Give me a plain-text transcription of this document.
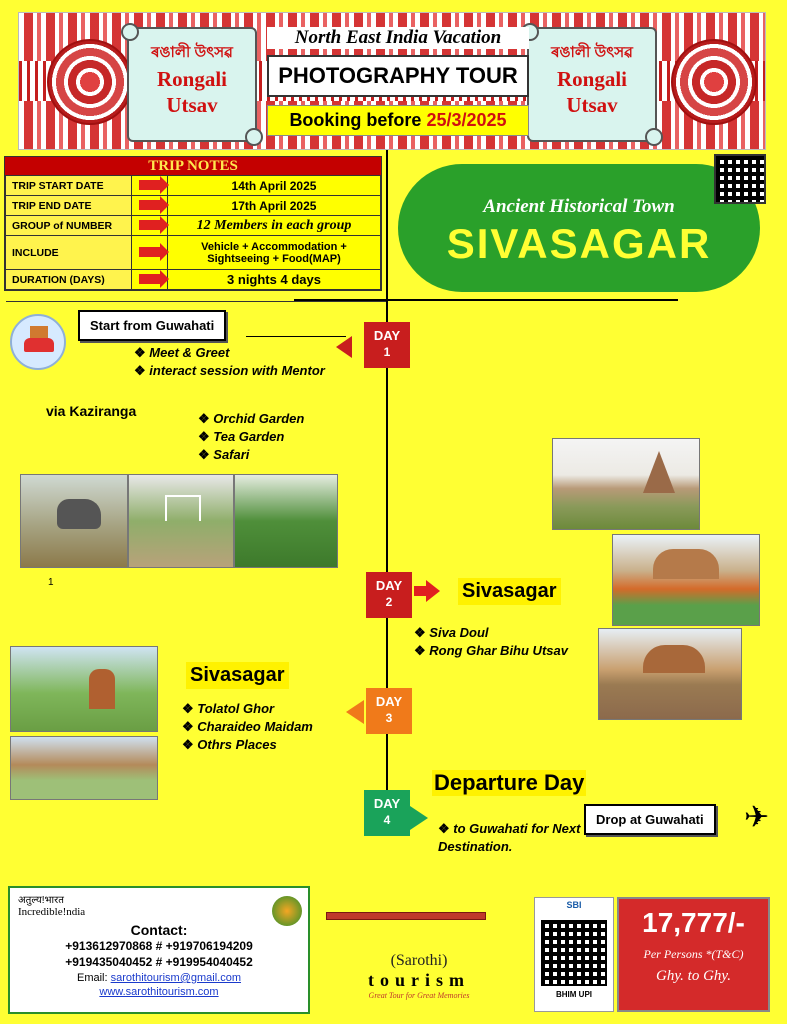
ৰঙালী উৎসৱ
Rongali
Utsav
ৰঙালী উৎসৱ
Rongali
Utsav
North East India Vacation
PHOTOGRAPHY TOUR
Booking before 25/3/2025
TRIP NOTES
TRIP START DATE		14th April 2025
TRIP END DATE		17th April 2025
GROUP of NUMBER		12 Members in each group
INCLUDE		Vehicle + Accommodation + Sightseeing + Food(MAP)
DURATION (DAYS)		3 nights 4 days
Ancient Historical Town
SIVASAGAR
Start from Guwahati
DAY
1
❖ Meet & Greet
❖ interact session with Mentor
via Kaziranga	❖ Orchid Garden
❖ Tea Garden
❖ Safari
1	DAY
2	Sivasagar
❖ Siva Doul
❖ Rong Ghar Bihu Utsav
Sivasagar
DAY
3
❖ Tolatol Ghor
❖ Charaideo Maidam
❖ Othrs Places
Departure Day
DAY
4	Drop at Guwahati	✈
❖ to Guwahati for Next Destination.
अतुल्य!भारत
Incredible!ndia
Contact:
+913612970868 # +919706194209
+919435040452 # +919954040452
Email: sarothitourism@gmail.com
www.sarothitourism.com
(Sarothi)
tourism
Great Tour for Great Memories
SBI
BHIM UPI
17,777/-
Per Persons *(T&C)
Ghy. to Ghy.
